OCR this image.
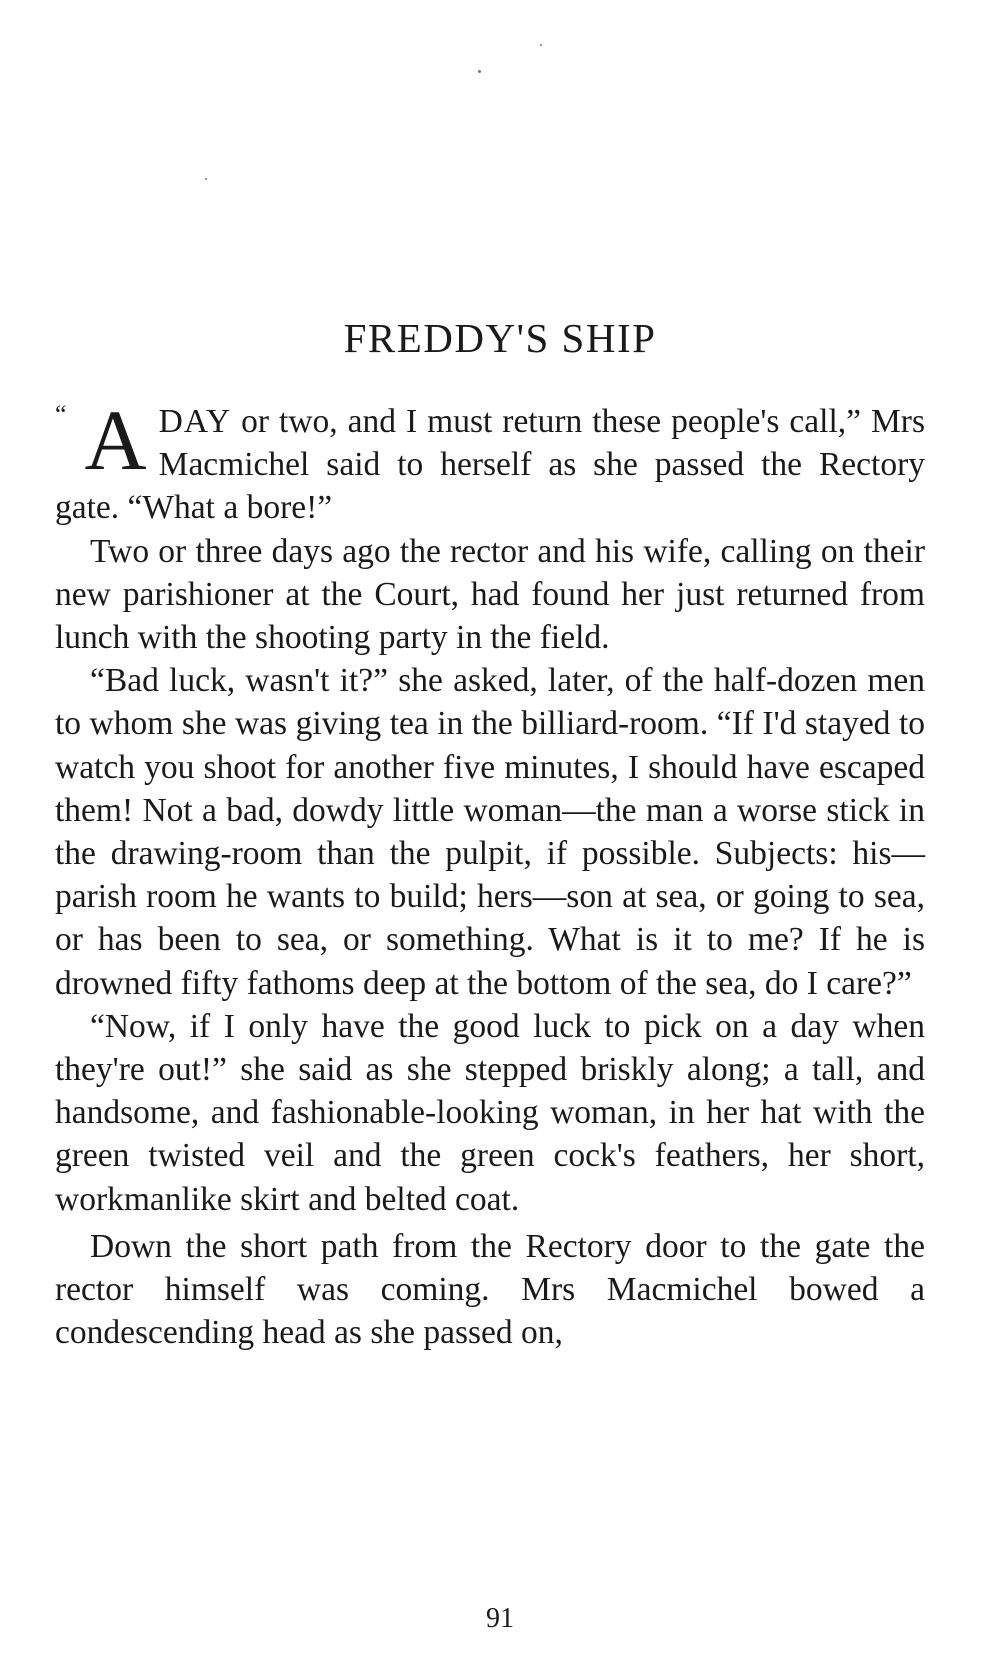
FREDDY'S SHIP

“ A DAY or two, and I must return these people's call,” Mrs Macmichel said to herself as she passed the Rectory gate. “What a bore!”

Two or three days ago the rector and his wife, calling on their new parishioner at the Court, had found her just returned from lunch with the shooting party in the field.

“Bad luck, wasn't it?” she asked, later, of the half-dozen men to whom she was giving tea in the billiard-room. “If I'd stayed to watch you shoot for another five minutes, I should have escaped them! Not a bad, dowdy little woman—the man a worse stick in the drawing-room than the pulpit, if possible. Subjects: his—parish room he wants to build; hers—son at sea, or going to sea, or has been to sea, or something. What is it to me? If he is drowned fifty fathoms deep at the bottom of the sea, do I care?”

“Now, if I only have the good luck to pick on a day when they're out!” she said as she stepped briskly along; a tall, and handsome, and fashionable-looking woman, in her hat with the green twisted veil and the green cock's feathers, her short, workmanlike skirt and belted coat.

Down the short path from the Rectory door to the gate the rector himself was coming. Mrs Macmichel bowed a condescending head as she passed on,

91
